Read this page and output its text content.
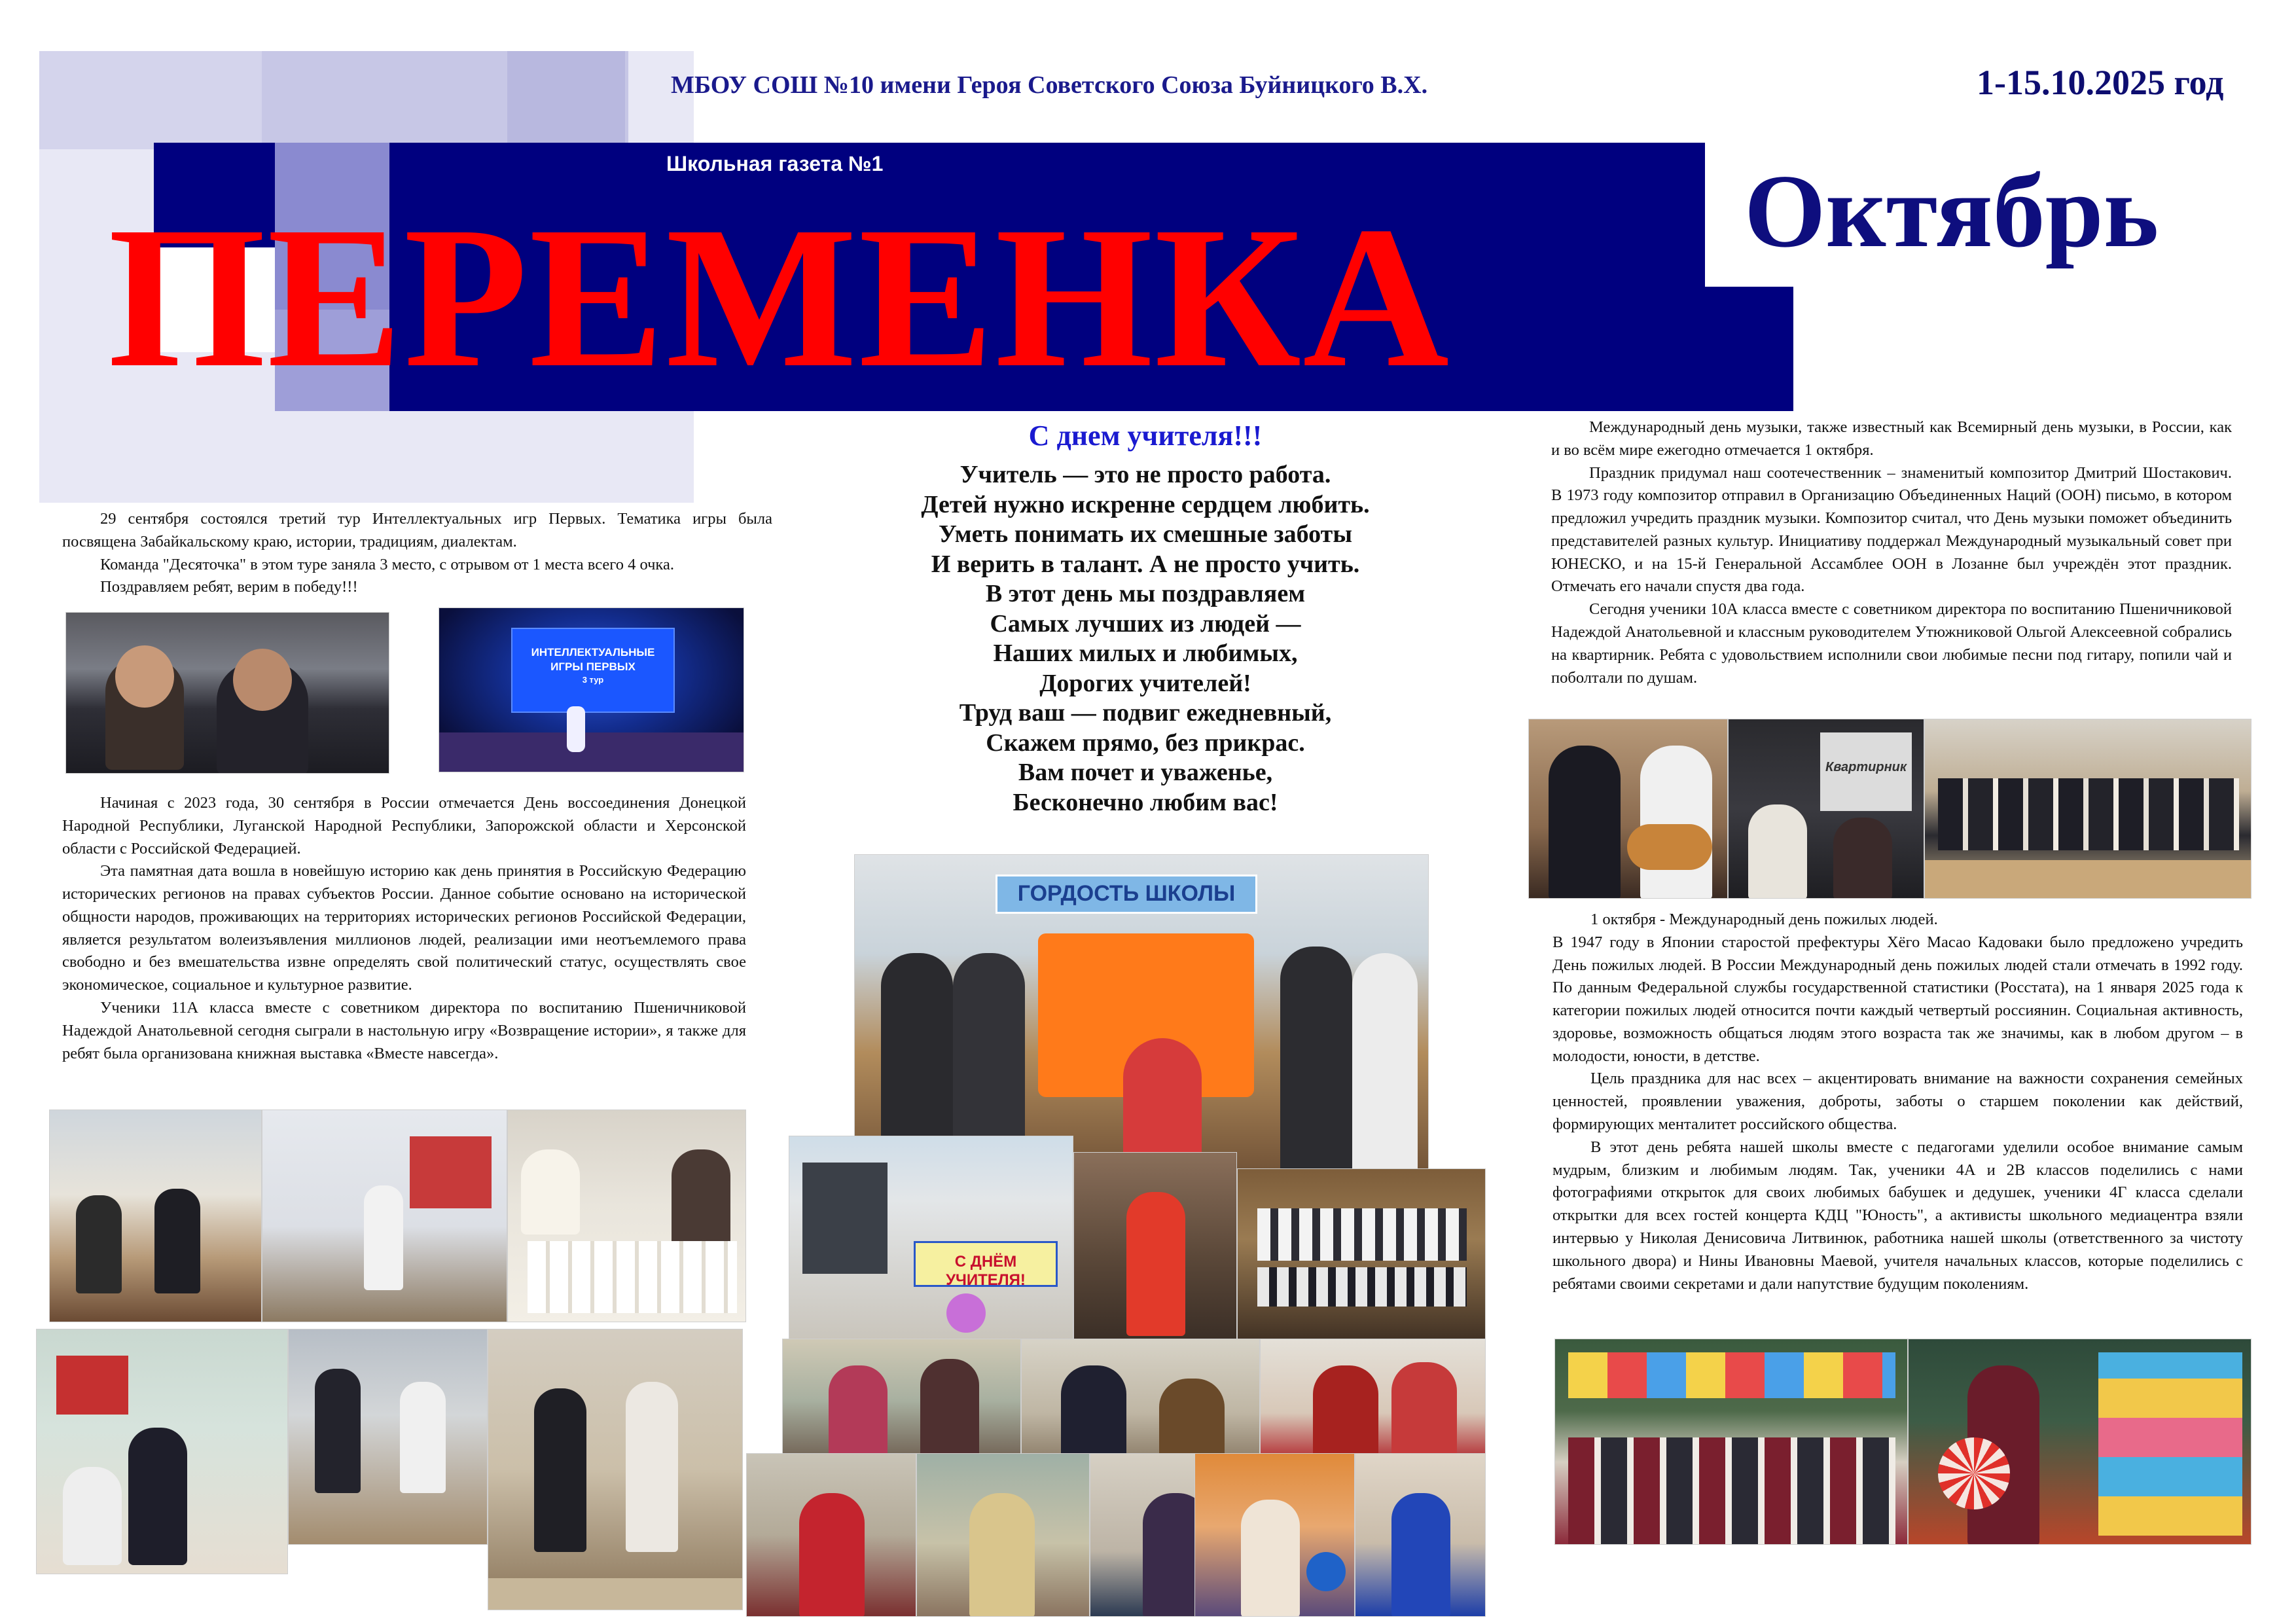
МБОУ СОШ №10 имени Героя Советского Союза Буйницкого В.Х.	1-15.10.2025 год
Школьная газета №1
ПЕРЕМЕНКА	Октябрь

29 сентября состоялся третий тур Интеллектуальных игр Первых. Тематика игры была посвящена Забайкальскому краю, истории, традициям, диалектам.

Команда "Десяточка" в этом туре заняла 3 место, с отрывом от 1 места всего 4 очка.

Поздравляем ребят, верим в победу!!!

ИНТЕЛЛЕКТУАЛЬНЫЕ
ИГРЫ ПЕРВЫХ
3 тур

Начиная с 2023 года, 30 сентября в России отмечается День воссоединения Донецкой Народной Республики, Луганской Народной Республики, Запорожской области и Херсонской области с Российской Федерацией.

Эта памятная дата вошла в новейшую историю как день принятия в Российскую Федерацию исторических регионов на правах субъектов России. Данное событие основано на исторической общности народов, проживающих на территориях исторических регионов Российской Федерации, является результатом волеизъявления миллионов людей, реализации ими неотъемлемого права свободно и без вмешательства извне определять свой политический статус, осуществлять свое экономическое, социальное и культурное развитие.

Ученики 11А класса вместе с советником директора по воспитанию Пшеничниковой Надеждой Анатольевной сегодня сыграли в настольную игру «Возвращение истории», я также для ребят была организована книжная выставка «Вместе навсегда».

С днем учителя!!!
Учитель — это не просто работа.
Детей нужно искренне сердцем любить.
Уметь понимать их смешные заботы
И верить в талант. А не просто учить.
В этот день мы поздравляем
Самых лучших из людей —
Наших милых и любимых,
Дорогих учителей!
Труд ваш — подвиг ежедневный,
Скажем прямо, без прикрас.
Вам почет и уваженье,
Бесконечно любим вас!
ГОРДОСТЬ ШКОЛЫ
С ДНЁМ УЧИТЕЛЯ!

Международный день музыки, также известный как Всемирный день музыки, в России, как и во всём мире ежегодно отмечается 1 октября.

Праздник придумал наш соотечественник – знаменитый композитор Дмитрий Шостакович. В 1973 году композитор отправил в Организацию Объединенных Наций (ООН) письмо, в котором предложил учредить праздник музыки. Композитор считал, что День музыки поможет объединить представителей разных культур. Инициативу поддержал Международный музыкальный совет при ЮНЕСКО, и на 15-й Генеральной Ассамблее ООН в Лозанне был учреждён этот праздник. Отмечать его начали спустя два года.

Сегодня ученики 10А класса вместе с советником директора по воспитанию Пшеничниковой Надеждой Анатольевной и классным руководителем Утюжниковой Ольгой Алексеевной собрались на квартирник. Ребята с удовольствием исполнили свои любимые песни под гитару, попили чай и поболтали по душам.

Квартирник

1 октября - Международный день пожилых людей.

В 1947 году в Японии старостой префектуры Хёго Масао Кадоваки было предложено учредить День пожилых людей. В России Международный день пожилых людей стали отмечать в 1992 году. По данным Федеральной службы государственной статистики (Росстата), на 1 января 2025 года к категории пожилых людей относится почти каждый четвертый россиянин. Социальная активность, здоровье, возможность общаться людям этого возраста так же значимы, как в любом другом – в молодости, юности, в детстве.

Цель праздника для нас всех – акцентировать внимание на важности сохранения семейных ценностей, проявлении уважения, доброты, заботы о старшем поколении как действий, формирующих менталитет российского общества.

В этот день ребята нашей школы вместе с педагогами уделили особое внимание самым мудрым, близким и любимым людям. Так, ученики 4А и 2В классов поделились с нами фотографиями открыток для своих любимых бабушек и дедушек, ученики 4Г класса сделали открытки для всех гостей концерта КДЦ "Юность", а активисты школьного медиацентра взяли интервью у Николая Денисовича Литвинюк, работника нашей школы (ответственного за чистоту школьного двора) и Нины Ивановны Маевой, учителя начальных классов, которые поделились с ребятами своими секретами и дали напутствие будущим поколениям.
